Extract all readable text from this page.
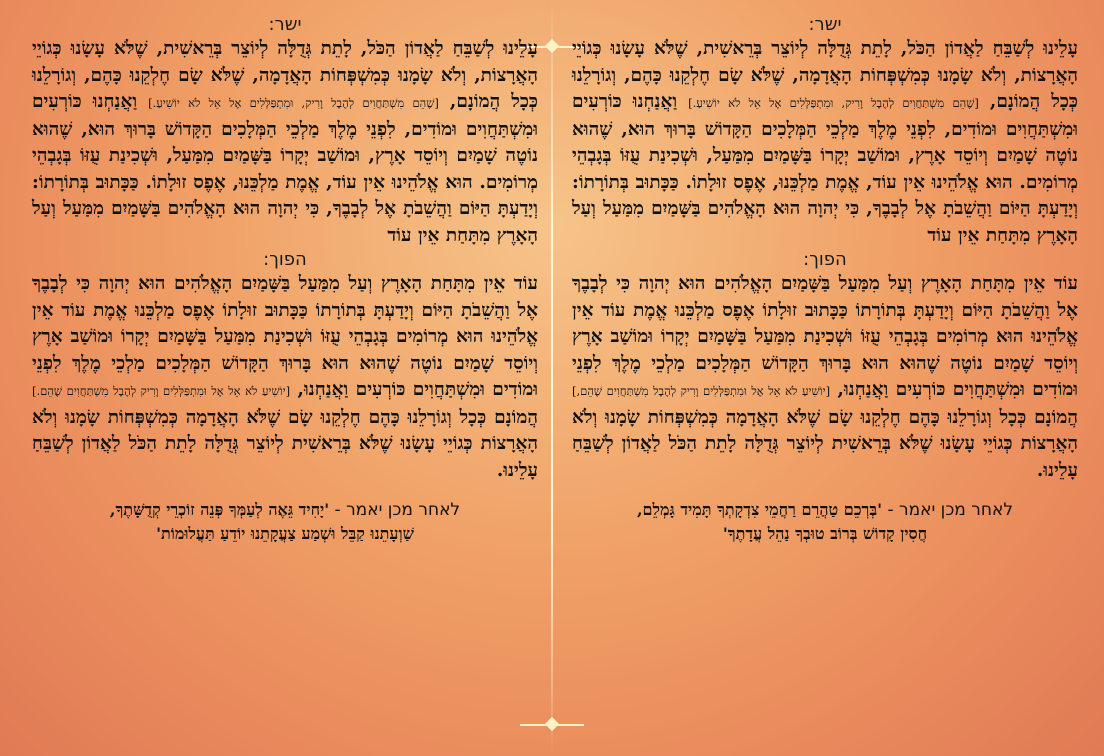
ישר:

עָלֵינוּ לְשַׁבֵּחַ לַאֲדוֹן הַכֹּל, לָתֵת גְּדֻלָּה לְיוֹצֵר בְּרֵאשִׁית, שֶׁלֹּא עָשָׂנוּ כְּגוֹיֵי הָאֲרָצוֹת, וְלֹא שָׂמָנוּ כְּמִשְׁפְּחוֹת הָאֲדָמָה, שֶׁלֹּא שָׂם חֶלְקֵנוּ כָּהֶם, וְגוֹרָלֵנוּ כְּכָל הֲמוֹנָם, [שֶׁהֵם מִשְׁתַּחֲוִים לְהֶבֶל וָרִיק, וּמִתְפַּלְּלִים אֶל אֵל לֹא יוֹשִׁיעַ.] וַאֲנַחְנוּ כּוֹרְעִים וּמִשְׁתַּחֲוִים וּמוֹדִים, לִפְנֵי מֶלֶךְ מַלְכֵי הַמְּלָכִים הַקָּדוֹשׁ בָּרוּךְ הוּא, שֶׁהוּא נוֹטֶה שָׁמַיִם וְיוֹסֵד אָרֶץ, וּמוֹשַׁב יְקָרוֹ בַּשָּׁמַיִם מִמַּעַל, וּשְׁכִינַת עֻזּוֹ בְּגָבְהֵי מְרוֹמִים. הוּא אֱלֹהֵינוּ אֵין עוֹד, אֱמֶת מַלְכֵּנוּ, אֶפֶס זוּלָתוֹ. כַּכָּתוּב בְּתוֹרָתוֹ: וְיָדַעְתָּ הַיּוֹם וַהֲשֵׁבֹתָ אֶל לְבָבֶךָ, כִּי יְהוָה הוּא הָאֱלֹהִים בַּשָּׁמַיִם מִמַּעַל וְעַל הָאָרֶץ מִתָּחַת אֵין עוֹד

הפוך:

עוֹד אֵין מִתָּחַת הָאָרֶץ וְעַל מִמַּעַל בַּשָּׁמַיִם הָאֱלֹהִים הוּא יְהוָה כִּי לְבָבֶךָ אֶל וַהֲשֵׁבֹתָ הַיּוֹם וְיָדַעְתָּ בְּתוֹרָתוֹ כַּכָּתוּב זוּלָתוֹ אֶפֶס מַלְכֵּנוּ אֱמֶת עוֹד אֵין אֱלֹהֵינוּ הוּא מְרוֹמִים בְּגָבְהֵי עֻזּוֹ וּשְׁכִינַת מִמַּעַל בַּשָּׁמַיִם יְקָרוֹ וּמוֹשַׁב אָרֶץ וְיוֹסֵד שָׁמַיִם נוֹטֶה שֶׁהוּא הוּא בָּרוּךְ הַקָּדוֹשׁ הַמְּלָכִים מַלְכֵי מֶלֶךְ לִפְנֵי וּמוֹדִים וּמִשְׁתַּחֲוִים כּוֹרְעִים וַאֲנַחְנוּ, [יוֹשִׁיעַ לֹא אֵל אֶל וּמִתְפַּלְּלִים וָרִיק לְהֶבֶל מִשְׁתַּחֲוִים שֶׁהֵם,] הֲמוֹנָם כְּכָל וְגוֹרָלֵנוּ כָּהֶם חֶלְקֵנוּ שָׂם שֶׁלֹּא הָאֲדָמָה כְּמִשְׁפְּחוֹת שָׂמָנוּ וְלֹא הָאֲרָצוֹת כְּגוֹיֵי עָשָׂנוּ שֶׁלֹּא בְּרֵאשִׁית לְיוֹצֵר גְּדֻלָּה לָתֵת הַכֹּל לַאֲדוֹן לְשַׁבֵּחַ עָלֵינוּ.

לאחר מכן יאמר - 'בְּרְכֵם טַהֲרֵם רַחֲמֵי צִדְקָתְךָ תָּמִיד גָּמְלֵם,
חֲסִין קָדוֹשׁ בְּרוֹב טוּבְךָ נַהֵל עֲדָתֶךָ'
ישר:

עָלֵינוּ לְשַׁבֵּחַ לַאֲדוֹן הַכֹּל, לָתֵת גְּדֻלָּה לְיוֹצֵר בְּרֵאשִׁית, שֶׁלֹּא עָשָׂנוּ כְּגוֹיֵי הָאֲרָצוֹת, וְלֹא שָׂמָנוּ כְּמִשְׁפְּחוֹת הָאֲדָמָה, שֶׁלֹּא שָׂם חֶלְקֵנוּ כָּהֶם, וְגוֹרָלֵנוּ כְּכָל הֲמוֹנָם, [שֶׁהֵם מִשְׁתַּחֲוִים לְהֶבֶל וָרִיק, וּמִתְפַּלְּלִים אֶל אֵל לֹא יוֹשִׁיעַ.] וַאֲנַחְנוּ כּוֹרְעִים וּמִשְׁתַּחֲוִים וּמוֹדִים, לִפְנֵי מֶלֶךְ מַלְכֵי הַמְּלָכִים הַקָּדוֹשׁ בָּרוּךְ הוּא, שֶׁהוּא נוֹטֶה שָׁמַיִם וְיוֹסֵד אָרֶץ, וּמוֹשַׁב יְקָרוֹ בַּשָּׁמַיִם מִמַּעַל, וּשְׁכִינַת עֻזּוֹ בְּגָבְהֵי מְרוֹמִים. הוּא אֱלֹהֵינוּ אֵין עוֹד, אֱמֶת מַלְכֵּנוּ, אֶפֶס זוּלָתוֹ. כַּכָּתוּב בְּתוֹרָתוֹ: וְיָדַעְתָּ הַיּוֹם וַהֲשֵׁבֹתָ אֶל לְבָבֶךָ, כִּי יְהוָה הוּא הָאֱלֹהִים בַּשָּׁמַיִם מִמַּעַל וְעַל הָאָרֶץ מִתָּחַת אֵין עוֹד

הפוך:

עוֹד אֵין מִתָּחַת הָאָרֶץ וְעַל מִמַּעַל בַּשָּׁמַיִם הָאֱלֹהִים הוּא יְהוָה כִּי לְבָבֶךָ אֶל וַהֲשֵׁבֹתָ הַיּוֹם וְיָדַעְתָּ בְּתוֹרָתוֹ כַּכָּתוּב זוּלָתוֹ אֶפֶס מַלְכֵּנוּ אֱמֶת עוֹד אֵין אֱלֹהֵינוּ הוּא מְרוֹמִים בְּגָבְהֵי עֻזּוֹ וּשְׁכִינַת מִמַּעַל בַּשָּׁמַיִם יְקָרוֹ וּמוֹשַׁב אָרֶץ וְיוֹסֵד שָׁמַיִם נוֹטֶה שֶׁהוּא הוּא בָּרוּךְ הַקָּדוֹשׁ הַמְּלָכִים מַלְכֵי מֶלֶךְ לִפְנֵי וּמוֹדִים וּמִשְׁתַּחֲוִים כּוֹרְעִים וַאֲנַחְנוּ, [יוֹשִׁיעַ לֹא אֵל אֶל וּמִתְפַּלְּלִים וָרִיק לְהֶבֶל מִשְׁתַּחֲוִים שֶׁהֵם.] הֲמוֹנָם כְּכָל וְגוֹרָלֵנוּ כָּהֶם חֶלְקֵנוּ שָׂם שֶׁלֹּא הָאֲדָמָה כְּמִשְׁפְּחוֹת שָׂמָנוּ וְלֹא הָאֲרָצוֹת כְּגוֹיֵי עָשָׂנוּ שֶׁלֹּא בְּרֵאשִׁית לְיוֹצֵר גְּדֻלָּה לָתֵת הַכֹּל לַאֲדוֹן לְשַׁבֵּחַ עָלֵינוּ.

לאחר מכן יאמר - 'יָחִיד גֵּאֶה לְעַמְּךָ פְּנֵה זוֹכְרֵי קְדֻשָּׁתֶךָ,
שַׁוְעָתֵנוּ קַבֵּל וּשְׁמַע צַעֲקָתֵנוּ יוֹדֵעַ תַּעֲלוּמוֹת'
